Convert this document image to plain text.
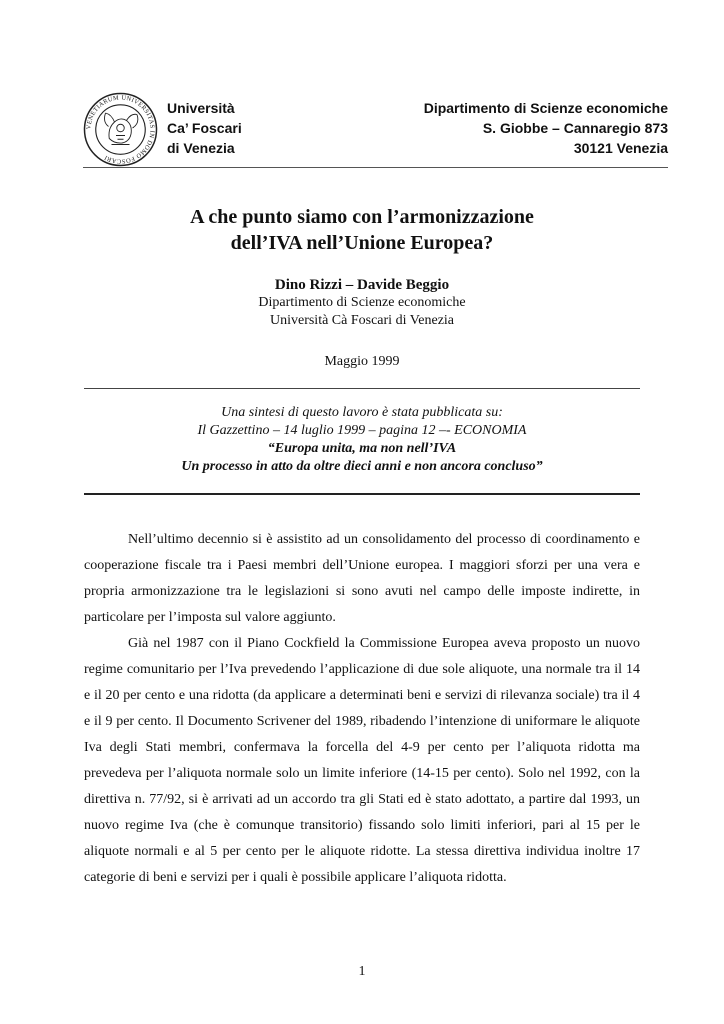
VENETIARUM UNIVERSITAS IN DOMO FOSCARI
Università
Ca’ Foscari
di Venezia
Dipartimento di Scienze economiche
S. Giobbe – Cannaregio 873
30121 Venezia
A che punto siamo con l’armonizzazione
dell’IVA nell’Unione Europea?
Dino Rizzi – Davide Beggio
Dipartimento di Scienze economiche
Università Cà Foscari di Venezia
Maggio 1999
Una sintesi di questo lavoro è stata pubblicata su:
Il Gazzettino – 14 luglio 1999 – pagina 12 –- ECONOMIA
“Europa unita, ma non nell’IVA
Un processo in atto da oltre dieci anni e non ancora concluso”

Nell’ultimo decennio si è assistito ad un consolidamento del processo di coordinamento e cooperazione fiscale tra i Paesi membri dell’Unione europea. I maggiori sforzi per una vera e propria armonizzazione tra le legislazioni si sono avuti nel campo delle imposte indirette, in particolare per l’imposta sul valore aggiunto.

Già nel 1987 con il Piano Cockfield la Commissione Europea aveva proposto un nuovo regime comunitario per l’Iva prevedendo l’applicazione di due sole aliquote, una normale tra il 14 e il 20 per cento e una ridotta (da applicare a determinati beni e servizi di rilevanza sociale) tra il 4 e il 9 per cento. Il Documento Scrivener del 1989, ribadendo l’intenzione di uniformare le aliquote Iva degli Stati membri, confermava la forcella del 4-9 per cento per l’aliquota ridotta ma prevedeva per l’aliquota normale solo un limite inferiore (14-15 per cento). Solo nel 1992, con la direttiva n. 77/92, si è arrivati ad un accordo tra gli Stati ed è stato adottato, a partire dal 1993, un nuovo regime Iva (che è comunque transitorio) fissando solo limiti inferiori, pari al 15 per le aliquote normali e al 5 per cento per le aliquote ridotte. La stessa direttiva individua inoltre 17 categorie di beni e servizi per i quali è possibile applicare l’aliquota ridotta.

1
